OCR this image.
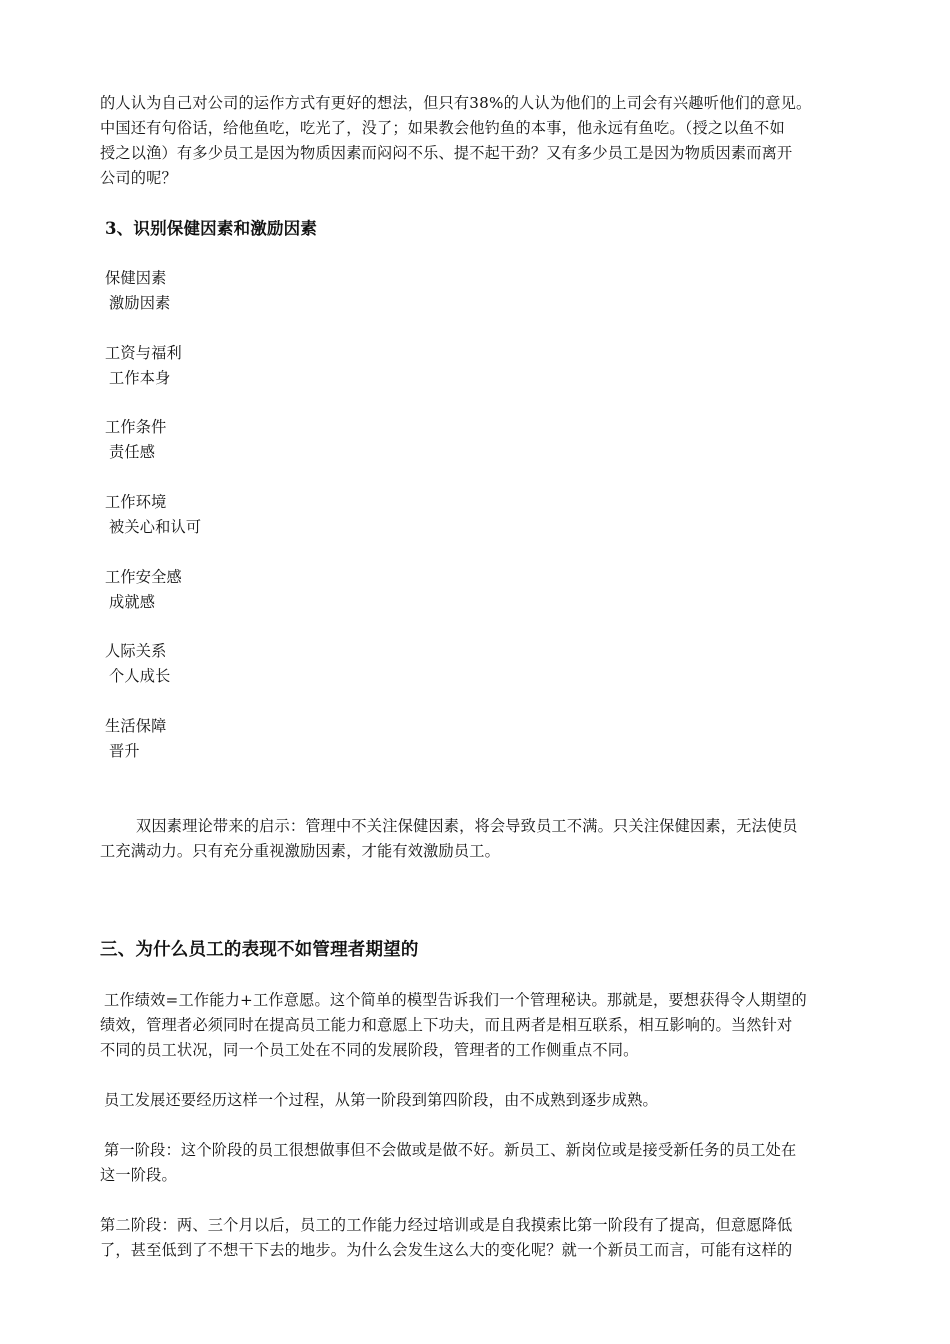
的人认为自己对公司的运作方式有更好的想法，但只有38%的人认为他们的上司会有兴趣听他们的意见。
中国还有句俗话，给他鱼吃，吃光了，没了；如果教会他钓鱼的本事，他永远有鱼吃。（授之以鱼不如
授之以渔）有多少员工是因为物质因素而闷闷不乐、提不起干劲？又有多少员工是因为物质因素而离开
公司的呢？
3、识别保健因素和激励因素
保健因素
激励因素
工资与福利
工作本身
工作条件
责任感
工作环境
被关心和认可
工作安全感
成就感
人际关系
个人成长
生活保障
晋升
双因素理论带来的启示：管理中不关注保健因素，将会导致员工不满。只关注保健因素，无法使员
工充满动力。只有充分重视激励因素，才能有效激励员工。
三、为什么员工的表现不如管理者期望的
工作绩效=工作能力+工作意愿。这个简单的模型告诉我们一个管理秘诀。那就是，要想获得令人期望的
绩效，管理者必须同时在提高员工能力和意愿上下功夫，而且两者是相互联系，相互影响的。当然针对
不同的员工状况，同一个员工处在不同的发展阶段，管理者的工作侧重点不同。
员工发展还要经历这样一个过程，从第一阶段到第四阶段，由不成熟到逐步成熟。
第一阶段：这个阶段的员工很想做事但不会做或是做不好。新员工、新岗位或是接受新任务的员工处在
这一阶段。
第二阶段：两、三个月以后，员工的工作能力经过培训或是自我摸索比第一阶段有了提高，但意愿降低
了，甚至低到了不想干下去的地步。为什么会发生这么大的变化呢？就一个新员工而言，可能有这样的
